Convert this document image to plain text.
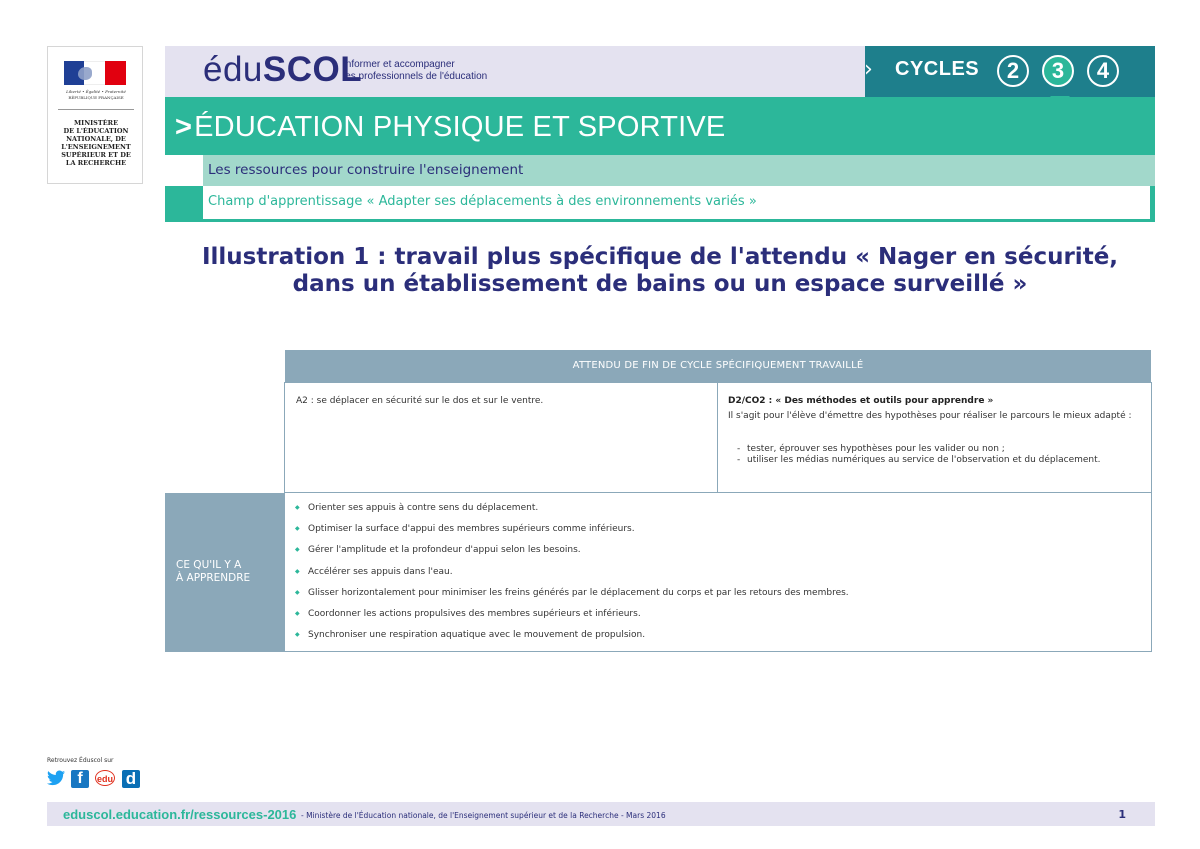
Liberté • Égalité • Fraternité
RÉPUBLIQUE FRANÇAISE
MINISTÈRE
DE L'ÉDUCATION
NATIONALE, DE
L'ENSEIGNEMENT
SUPÉRIEUR ET DE
LA RECHERCHE
éduSCOL
Informer et accompagner
les professionnels de l'éducation	› CYCLES	2	3	4
>ÉDUCATION PHYSIQUE ET SPORTIVE
Les ressources pour construire l'enseignement
Champ d'apprentissage « Adapter ses déplacements à des environnements variés »
Illustration 1 : travail plus spécifique de l'attendu « Nager en sécurité,
dans un établissement de bains ou un espace surveillé »
ATTENDU DE FIN DE CYCLE SPÉCIFIQUEMENT TRAVAILLÉ
A2 : se déplacer en sécurité sur le dos et sur le ventre.	D2/CO2 : « Des méthodes et outils pour apprendre »
Il s'agit pour l'élève d'émettre des hypothèses pour réaliser le parcours le mieux adapté :
- tester, éprouver ses hypothèses pour les valider ou non ;
- utiliser les médias numériques au service de l'observation et du déplacement.
CE QU'IL Y A
À APPRENDRE
◆ Orienter ses appuis à contre sens du déplacement.
◆ Optimiser la surface d'appui des membres supérieurs comme inférieurs.
◆ Gérer l'amplitude et la profondeur d'appui selon les besoins.
◆ Accélérer ses appuis dans l'eau.
◆ Glisser horizontalement pour minimiser les freins générés par le déplacement du corps et par les retours des membres.
◆ Coordonner les actions propulsives des membres supérieurs et inférieurs.
◆ Synchroniser une respiration aquatique avec le mouvement de propulsion.
Retrouvez Éduscol sur
f	edu d
eduscol.education.fr/ressources-2016 - Ministère de l'Éducation nationale, de l'Enseignement supérieur et de la Recherche - Mars 2016	1
